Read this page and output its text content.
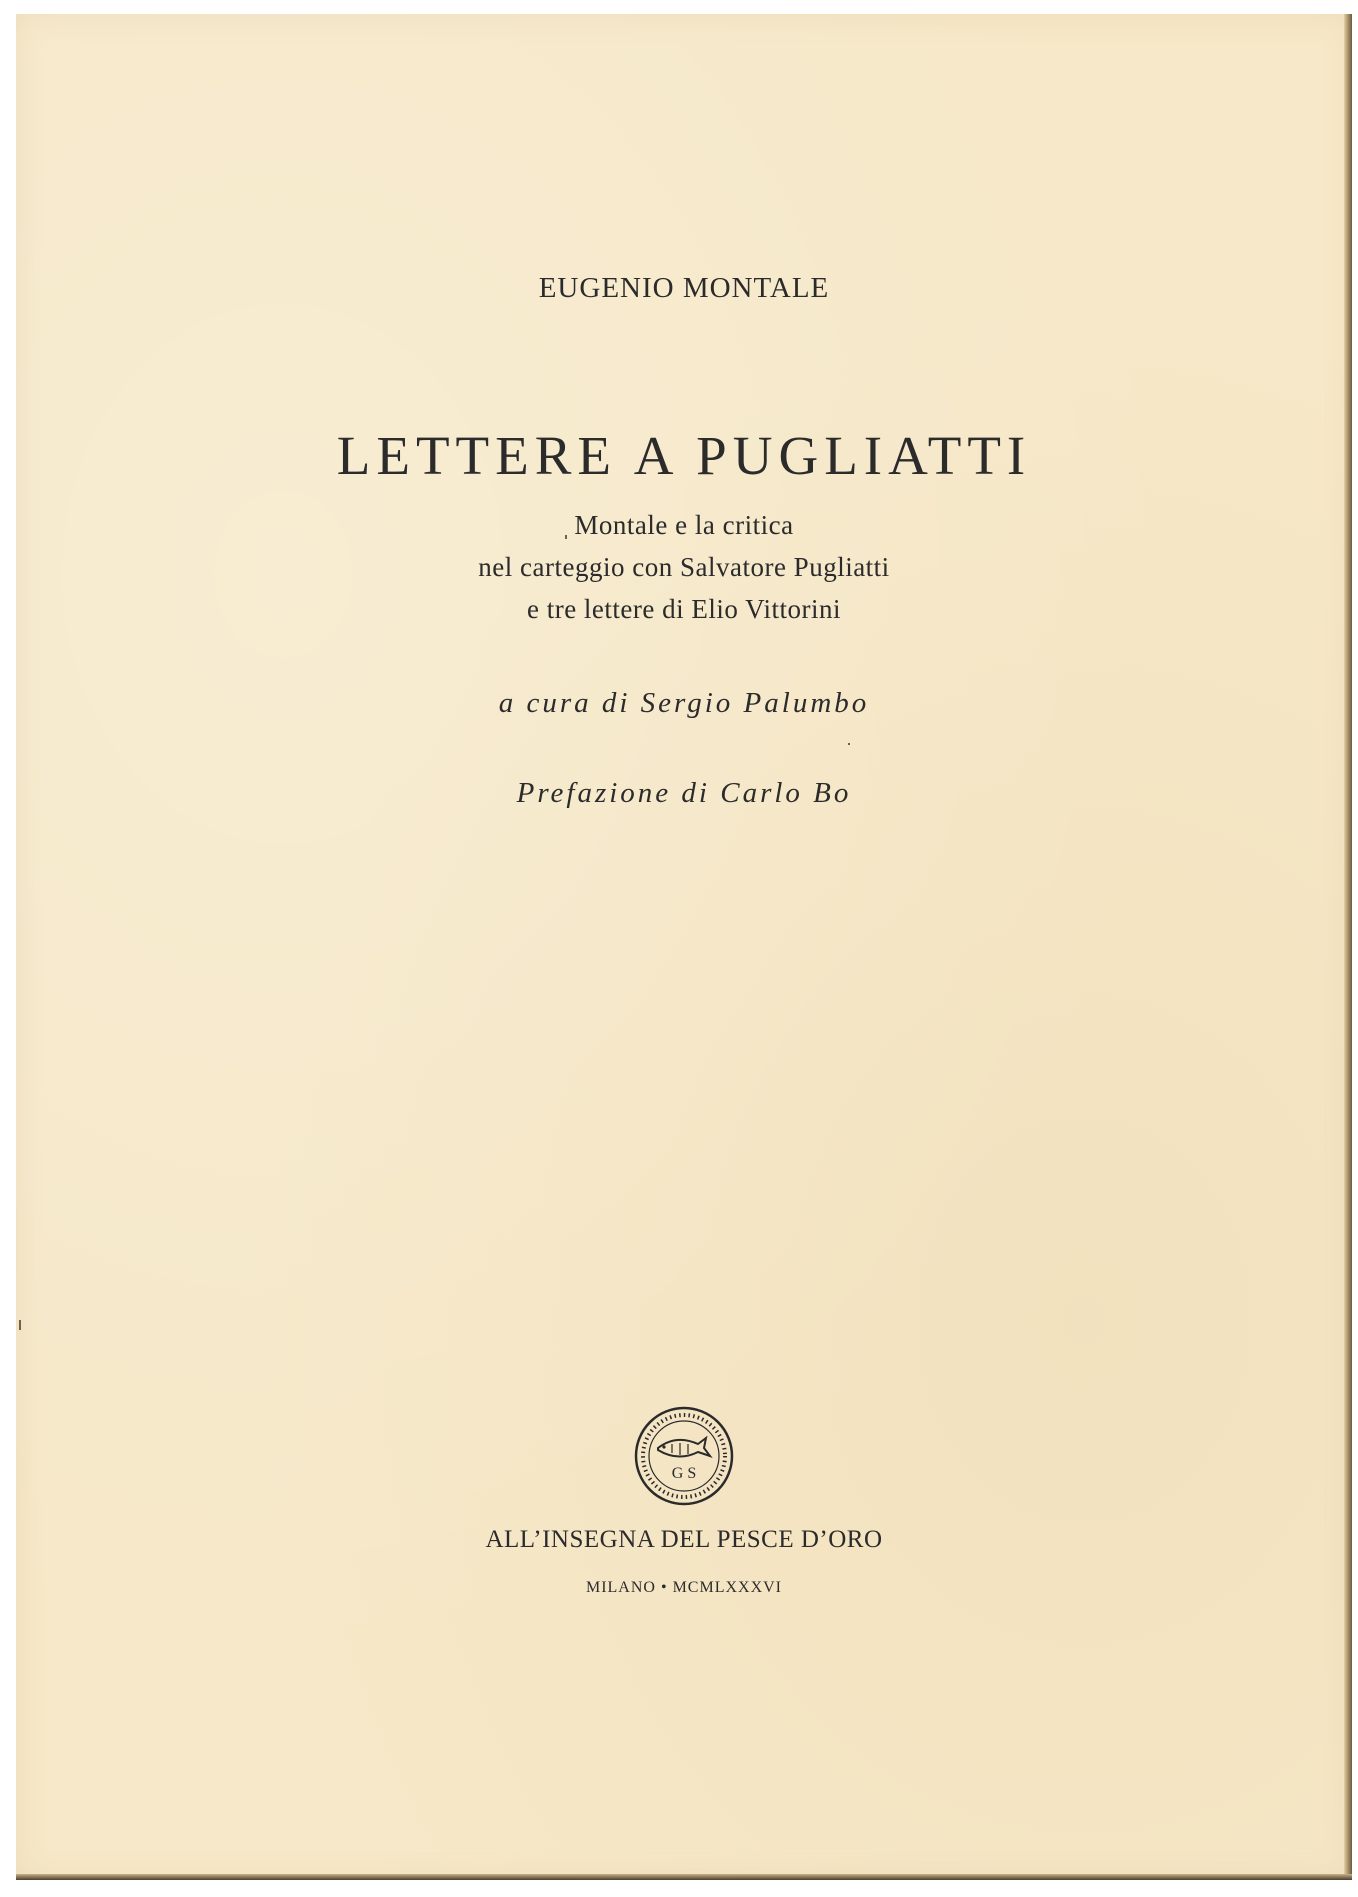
EUGENIO MONTALE
LETTERE A PUGLIATTI
Montale e la critica
nel carteggio con Salvatore Pugliatti
e tre lettere di Elio Vittorini
a cura di Sergio Palumbo
Prefazione di Carlo Bo
G S
ALL’INSEGNA DEL PESCE D’ORO
MILANO • MCMLXXXVI
